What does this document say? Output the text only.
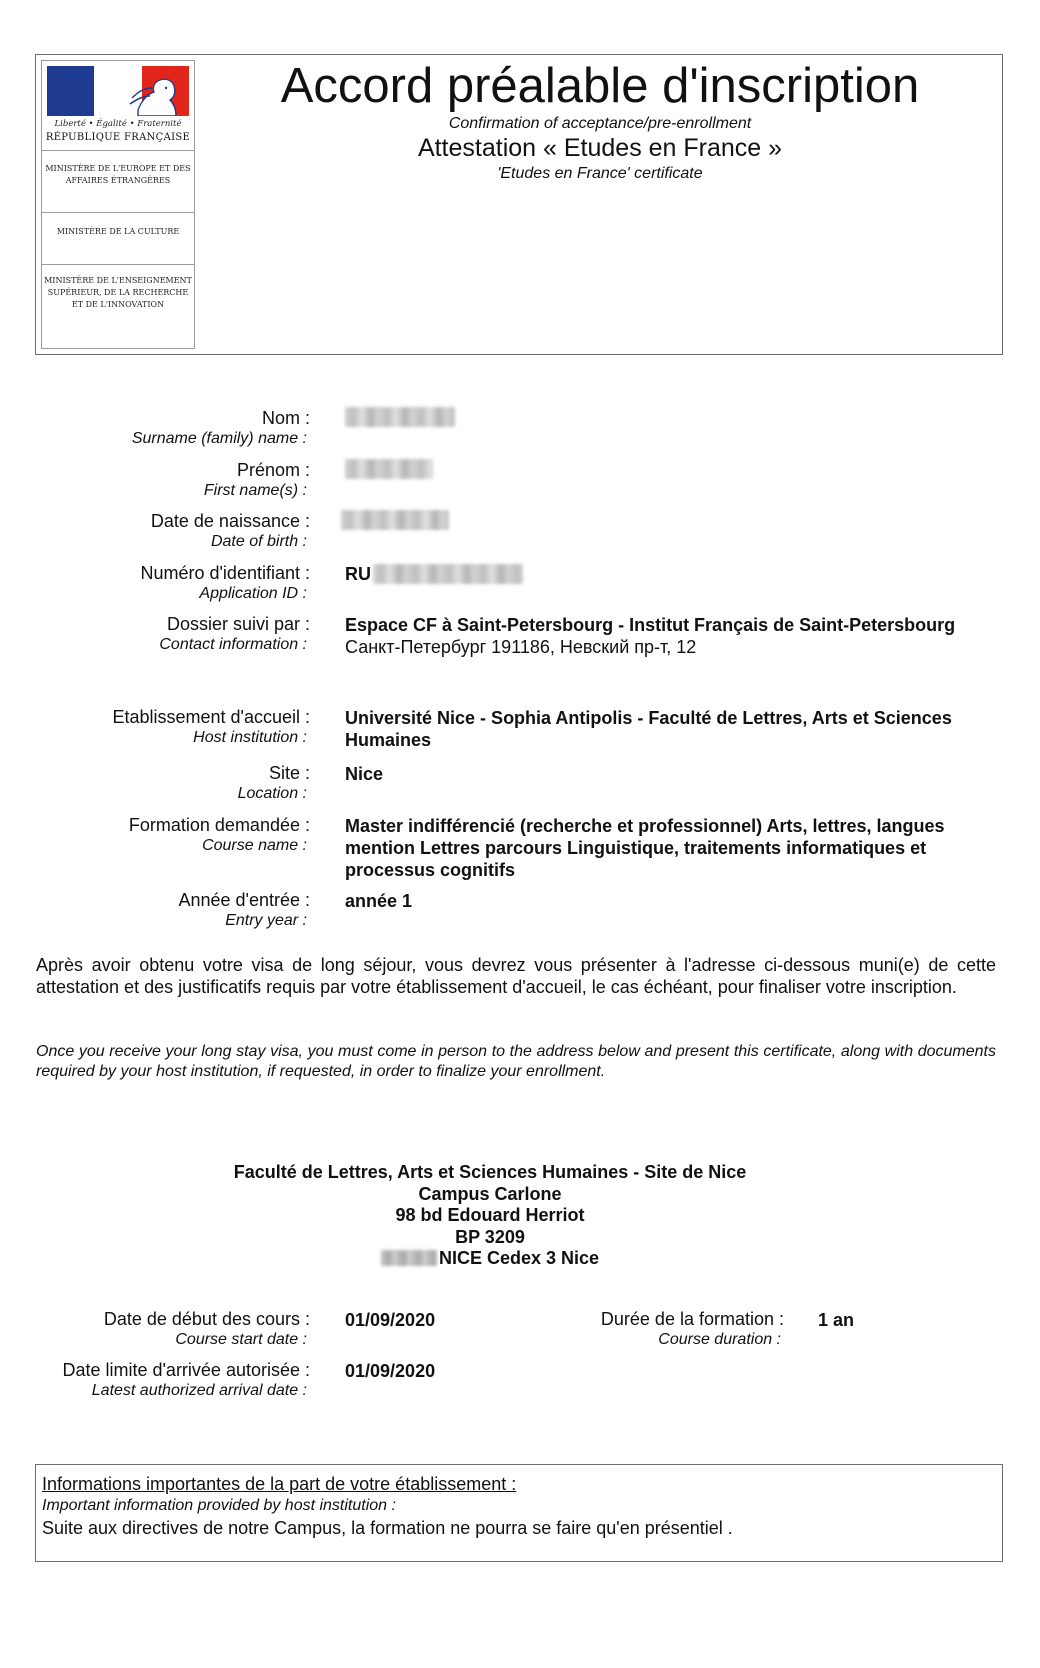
Liberté • Égalité • Fraternité
RÉPUBLIQUE FRANÇAISE
MINISTÈRE DE L'EUROPE ET DES AFFAIRES ÉTRANGÈRES
MINISTÈRE DE LA CULTURE
MINISTÈRE DE L'ENSEIGNEMENT SUPÉRIEUR, DE LA RECHERCHE ET DE L'INNOVATION
Accord préalable d'inscription
Confirmation of acceptance/pre-enrollment
Attestation « Etudes en France »
'Etudes en France' certificate
Nom :
Surname (family) name :
Prénom :
First name(s) :
Date de naissance :
Date of birth :
Numéro d'identifiant :
Application ID :
RU
Dossier suivi par :
Contact information :
Espace CF à Saint-Petersbourg - Institut Français de Saint-Petersbourg
Санкт-Петербург 191186, Невский пр-т, 12
Etablissement d'accueil :
Host institution :
Université Nice - Sophia Antipolis - Faculté de Lettres, Arts et Sciences Humaines
Site :
Location :
Nice
Formation demandée :
Course name :
Master indifférencié (recherche et professionnel) Arts, lettres, langues mention Lettres parcours Linguistique, traitements informatiques et processus cognitifs
Année d'entrée :
Entry year :
année 1
Après avoir obtenu votre visa de long séjour, vous devrez vous présenter à l'adresse ci-dessous muni(e) de cette attestation et des justificatifs requis par votre établissement d'accueil, le cas échéant, pour finaliser votre inscription.
Once you receive your long stay visa, you must come in person to the address below and present this certificate, along with documents required by your host institution, if requested, in order to finalize your enrollment.
Faculté de Lettres, Arts et Sciences Humaines - Site de Nice
Campus Carlone
98 bd Edouard Herriot
BP 3209
NICE Cedex 3 Nice
Date de début des cours :
Course start date :
01/09/2020	Durée de la formation :
Course duration :
1 an
Date limite d'arrivée autorisée :
Latest authorized arrival date :
01/09/2020
Informations importantes de la part de votre établissement :
Important information provided by host institution :
Suite aux directives de notre Campus, la formation ne pourra se faire qu'en présentiel .
